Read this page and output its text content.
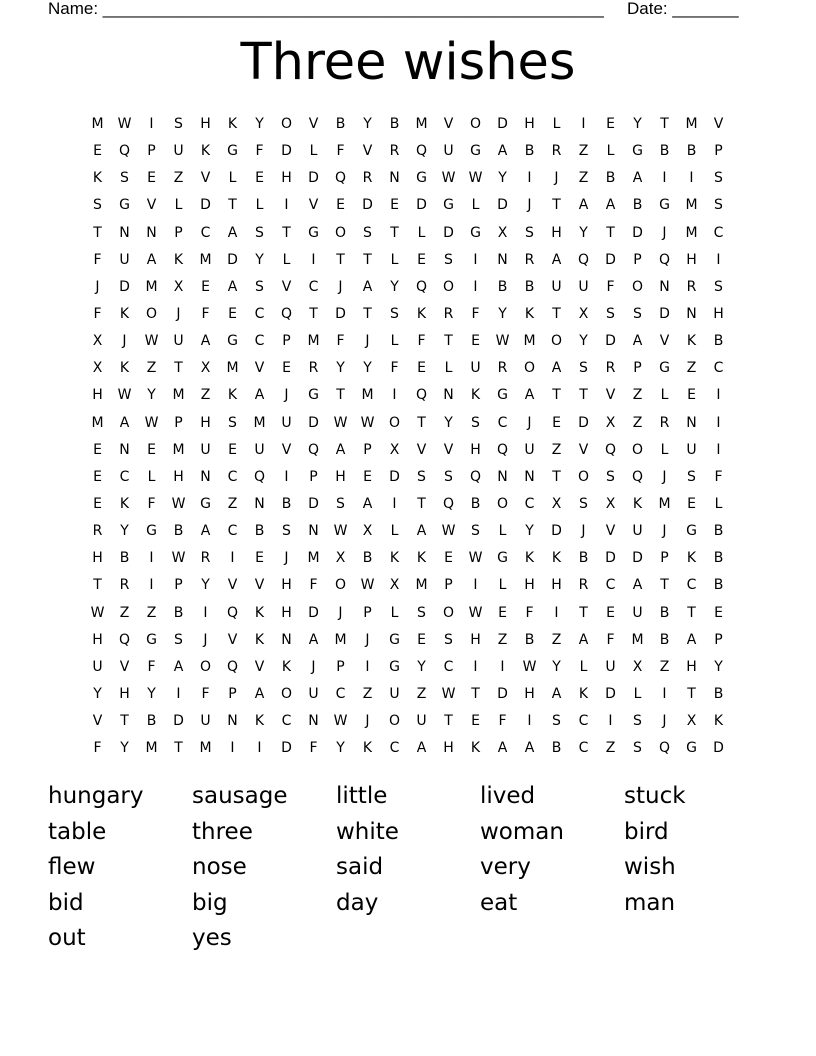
Name: _____________________________________________________ Date: _______
Three wishes
M	W	I	S	H	K	Y	O	V	B	Y	B	M	V	O	D	H	L	I	E	Y	T	M	V
E	Q	P	U	K	G	F	D	L	F	V	R	Q	U	G	A	B	R	Z	L	G	B	B	P
K	S	E	Z	V	L	E	H	D	Q	R	N	G	W W	Y	I	J	Z	B	A	I	I	S
S	G	V	L	D	T	L	I	V	E	D	E	D	G	L	D	J	T	A	A	B	G	M	S
T	N	N	P	C	A	S	T	G	O	S	T	L	D	G	X	S	H	Y	T	D	J	M	C
F	U	A	K	M	D	Y	L	I	T	T	L	E	S	I	N	R	A	Q	D	P	Q	H	I
J	D	M	X	E	A	S	V	C	J	A	Y	Q	O	I	B	B	U	U	F	O	N	R	S
F	K	O	J	F	E	C	Q	T	D	T	S	K	R	F	Y	K	T	X	S	S	D	N	H
X	J	W	U	A	G	C	P	M	F	J	L	F	T	E	W	M	O	Y	D	A	V	K	B
X	K	Z	T	X	M	V	E	R	Y	Y	F	E	L	U	R	O	A	S	R	P	G	Z	C
H	W	Y	M	Z	K	A	J	G	T	M	I	Q	N	K	G	A	T	T	V	Z	L	E	I
M	A	W	P	H	S	M	U	D	W W	O	T	Y	S	C	J	E	D	X	Z	R	N	I
E	N	E	M	U	E	U	V	Q	A	P	X	V	V	H	Q	U	Z	V	Q	O	L	U	I
E	C	L	H	N	C	Q	I	P	H	E	D	S	S	Q	N	N	T	O	S	Q	J	S	F
E	K	F	W	G	Z	N	B	D	S	A	I	T	Q	B	O	C	X	S	X	K	M	E	L
R	Y	G	B	A	C	B	S	N	W	X	L	A	W	S	L	Y	D	J	V	U	J	G	B
H	B	I	W	R	I	E	J	M	X	B	K	K	E	W	G	K	K	B	D	D	P	K	B
T	R	I	P	Y	V	V	H	F	O	W	X	M	P	I	L	H	H	R	C	A	T	C	B
W	Z	Z	B	I	Q	K	H	D	J	P	L	S	O	W	E	F	I	T	E	U	B	T	E
H	Q	G	S	J	V	K	N	A	M	J	G	E	S	H	Z	B	Z	A	F	M	B	A	P
U	V	F	A	O	Q	V	K	J	P	I	G	Y	C	I	I	W	Y	L	U	X	Z	H	Y
Y	H	Y	I	F	P	A	O	U	C	Z	U	Z	W	T	D	H	A	K	D	L	I	T	B
V	T	B	D	U	N	K	C	N	W	J	O	U	T	E	F	I	S	C	I	S	J	X	K
F	Y	M	T	M	I	I	D	F	Y	K	C	A	H	K	A	A	B	C	Z	S	Q	G	D
hungary	sausage	little	lived	stuck
table	three	white	woman	bird
flew	nose	said	very	wish
bid	big	day	eat	man
out	yes
